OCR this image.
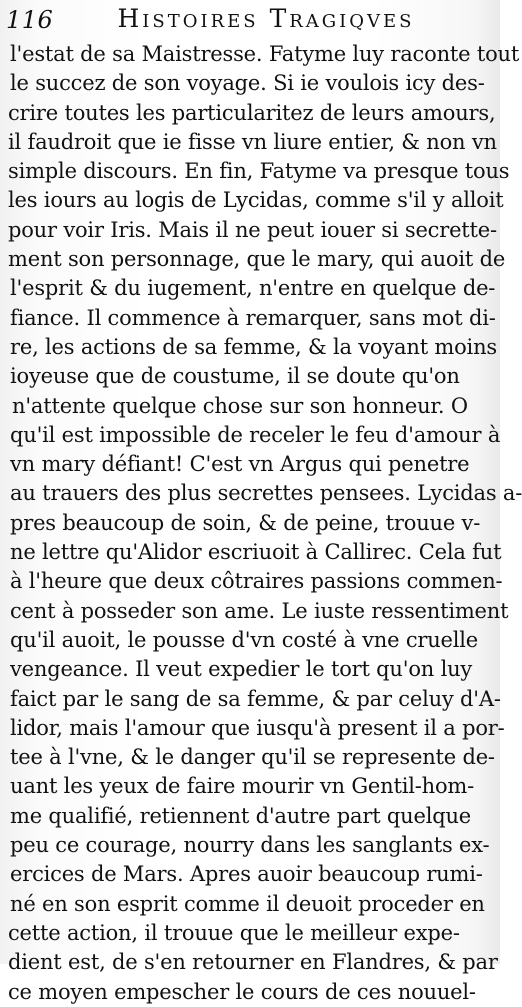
116	Histoires Tragiqves
l'estat de sa Maistresse. Fatyme luy raconte tout
le succez de son voyage. Si ie voulois icy des-
crire toutes les particularitez de leurs amours,
il faudroit que ie fisse vn liure entier, & non vn
simple discours. En fin, Fatyme va presque tous
les iours au logis de Lycidas, comme s'il y alloit
pour voir Iris. Mais il ne peut iouer si secrette-
ment son personnage, que le mary, qui auoit de
l'esprit & du iugement, n'entre en quelque de-
fiance. Il commence à remarquer, sans mot di-
re, les actions de sa femme, & la voyant moins
ioyeuse que de coustume, il se doute qu'on
n'attente quelque chose sur son honneur. O
qu'il est impossible de receler le feu d'amour à
vn mary défiant! C'est vn Argus qui penetre
au trauers des plus secrettes pensees. Lycidas a-
pres beaucoup de soin, & de peine, trouue v-
ne lettre qu'Alidor escriuoit à Callirec. Cela fut
à l'heure que deux côtraires passions commen-
cent à posseder son ame. Le iuste ressentiment
qu'il auoit, le pousse d'vn costé à vne cruelle
vengeance. Il veut expedier le tort qu'on luy
faict par le sang de sa femme, & par celuy d'A-
lidor, mais l'amour que iusqu'à present il a por-
tee à l'vne, & le danger qu'il se represente de-
uant les yeux de faire mourir vn Gentil-hom-
me qualifié, retiennent d'autre part quelque
peu ce courage, nourry dans les sanglants ex-
ercices de Mars. Apres auoir beaucoup rumi-
né en son esprit comme il deuoit proceder en
cette action, il trouue que le meilleur expe-
dient est, de s'en retourner en Flandres, & par
ce moyen empescher le cours de ces nouuel-
